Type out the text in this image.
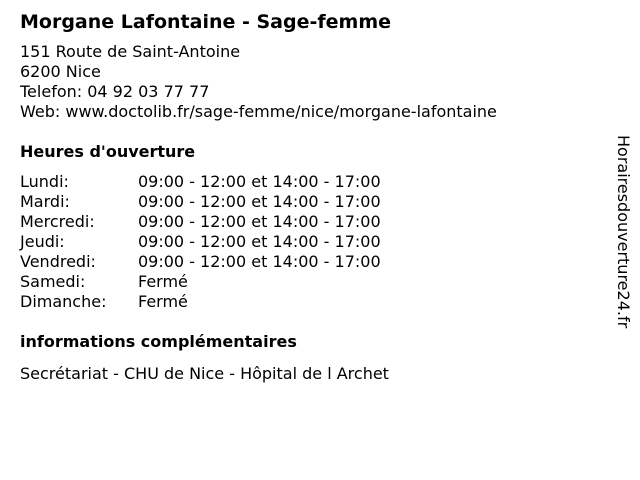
Morgane Lafontaine - Sage-femme
151 Route de Saint-Antoine
6200 Nice
Telefon: 04 92 03 77 77
Web: www.doctolib.fr/sage-femme/nice/morgane-lafontaine
Heures d'ouverture
Lundi:	09:00 - 12:00 et 14:00 - 17:00
Mardi:	09:00 - 12:00 et 14:00 - 17:00
Mercredi:	09:00 - 12:00 et 14:00 - 17:00
Jeudi:	09:00 - 12:00 et 14:00 - 17:00
Vendredi:	09:00 - 12:00 et 14:00 - 17:00
Samedi:	Fermé
Dimanche:	Fermé
informations complémentaires
Secrétariat - CHU de Nice - Hôpital de l Archet
Horairesdouverture24.fr
